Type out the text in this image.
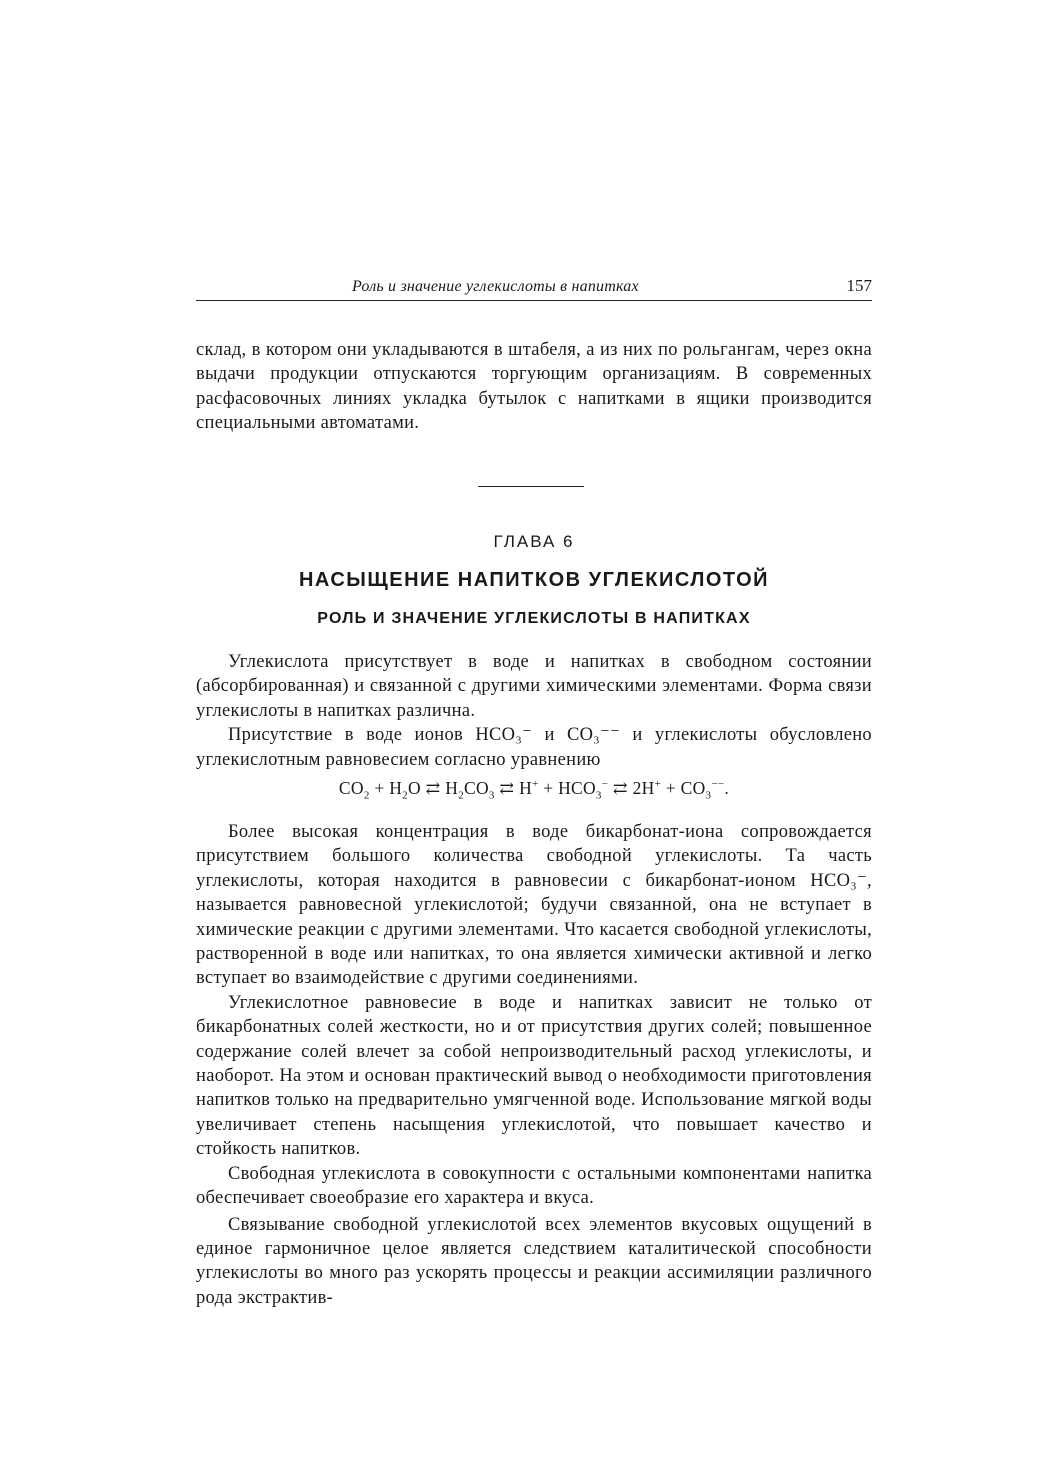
Роль и значение углекислоты в напитках	157

склад, в котором они укладываются в штабеля, а из них по рольгангам, через окна выдачи продукции отпускаются торгующим организациям. В современных расфасовочных линиях укладка бутылок с напитками в ящики производится специальными автоматами.

ГЛАВА 6
НАСЫЩЕНИЕ НАПИТКОВ УГЛЕКИСЛОТОЙ
РОЛЬ И ЗНАЧЕНИЕ УГЛЕКИСЛОТЫ В НАПИТКАХ

Углекислота присутствует в воде и напитках в свободном состоянии (абсорбированная) и связанной с другими химическими элементами. Форма связи углекислоты в напитках различна.

Присутствие в воде ионов HCO₃⁻ и CO₃⁻⁻ и углекислоты обусловлено углекислотным равновесием согласно уравнению

$CO_2 + H_2O$ ⇄ $H_2CO_3$ ⇄ $H^+ + HCO_3^-$ ⇄ $2H^+ + CO_3^{--}$.

Более высокая концентрация в воде бикарбонат-иона сопровождается присутствием большого количества свободной углекислоты. Та часть углекислоты, которая находится в равновесии с бикарбонат-ионом HCO₃⁻, называется равновесной углекислотой; будучи связанной, она не вступает в химические реакции с другими элементами. Что касается свободной углекислоты, растворенной в воде или напитках, то она является химически активной и легко вступает во взаимодействие с другими соединениями.

Углекислотное равновесие в воде и напитках зависит не только от бикарбонатных солей жесткости, но и от присутствия других солей; повышенное содержание солей влечет за собой непроизводительный расход углекислоты, и наоборот. На этом и основан практический вывод о необходимости приготовления напитков только на предварительно умягченной воде. Использование мягкой воды увеличивает степень насыщения углекислотой, что повышает качество и стойкость напитков.

Свободная углекислота в совокупности с остальными компонентами напитка обеспечивает своеобразие его характера и вкуса.

Связывание свободной углекислотой всех элементов вкусовых ощущений в единое гармоничное целое является следствием каталитической способности углекислоты во много раз ускорять процессы и реакции ассимиляции различного рода экстрактив-
